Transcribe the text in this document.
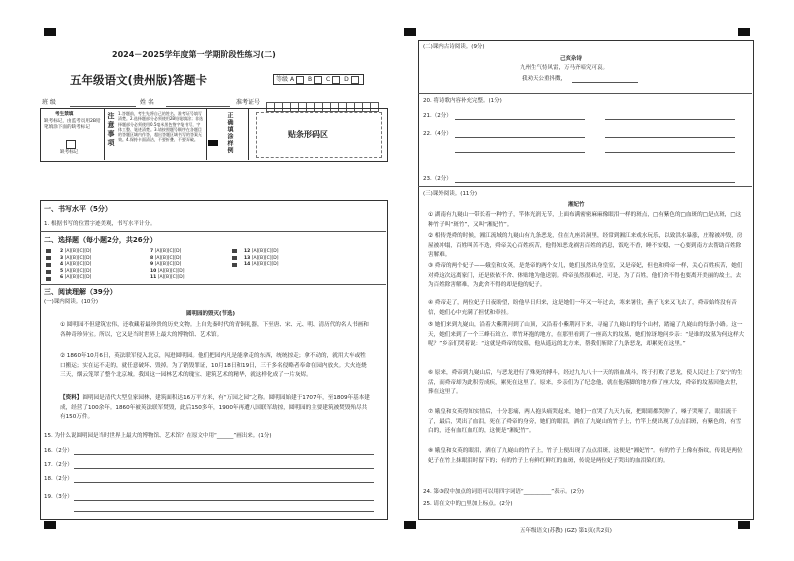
2024－2025学年度第一学期阶段性练习(二)
五年级语文(贵州版)答题卡	等级 A B C D
班 级	姓 名	准考证号
考生禁填
缺考标记，由监考员用2B铅笔填涂下面的缺考标记
缺考标记
注意事项 1.答题前，考生先将自己的姓名、准考证号填写清楚。2.选择题部分必须使用2B铅笔填涂；非选择题部分必须使用0.5毫米黑色签字笔书写，字体工整、笔迹清楚。3.请按照题号顺序在各题目的答题区域内作答，超出答题区域书写的答案无效。4.保持卡面清洁，不要折叠、不要弄破。	正确填涂样例	贴条形码区
一、书写水平（5分）
1. 根据书写的位置字迹美观，书写水平计分。
二、选择题（每小题2分，共26分）
2 [A][B][C][D]
3 [A][B][C][D]
4 [A][B][C][D]
5 [A][B][C][D]
6 [A][B][C][D]
7 [A][B][C][D]
8 [A][B][C][D]
9 [A][B][C][D]
10 [A][B][C][D]
11 [A][B][C][D]
12 [A][B][C][D]
13 [A][B][C][D]
14 [A][B][C][D]
三、阅读理解（39分）
(一)课内阅读。(10分)
圆明园的毁灭(节选)
① 圆明园不但建筑宏伟，还收藏着最珍贵的历史文物。上自先秦时代的青铜礼器，下至唐、宋、元、明、清历代的名人书画和各种奇珍异宝。所以，它又是当时世界上最大的博物馆、艺术馆。
② 1860年10月6日，英法联军侵入北京，闯进圆明园。他们把园内凡是能拿走的东西，统统掠走；拿不动的，就用大车或牲口搬运；实在运不走的，就任意破坏、毁掉。为了销毁罪证，10月18日和19日，三千多名侵略者奉命在园内放火。大火连烧三天，烟云笼罩了整个北京城。我国这一园林艺术的瑰宝、建筑艺术的精华，就这样化成了一片灰烬。
【资料】圆明园是清代大型皇家园林，建筑面积达16万平方米，有“万园之园”之称。圆明园始建于1707年，至1809年基本建成，经营了100余年。1860年被英法联军焚毁，此后150多年，1900年再遭八国联军劫掠，圆明园的主要建筑被焚毁殆尽共有150万件。
15. 为什么说圆明园是当时世界上最大的博物馆、艺术馆？在原文中用“______”画出来。(1分)
16.（2分）
17.（2分）
18.（2分）
19.（3分）
(二)课内古诗阅读。(9分)
己亥杂诗
九州生气恃风雷，万马齐喑究可哀。
我劝天公重抖擞，
20. 将诗歌内容补充完整。(1分)
21.（2分）
22.（4分）
23.（2分）
(三)课外阅读。(11分)
湘妃竹
① 湖南有九嶷山一带长着一种竹子，竿体光润无节，上面布满密密麻麻像眼泪一样的斑点，□有紫色的□血斑的□是点斑，□这种竹子叫“斑竹”，又叫“湘妃竹”。
② 相传尧舜的时候，湘江流域的九嶷山有九条恶龙，住在九座岩洞里，经常到湘江来戏水玩乐，以致洪水暴涨，庄稼被冲毁，房屋被冲塌，百姓叫苦不迭，舜帝关心百姓疾苦，他得知恶龙祸害百姓的消息，饭吃不香，睡不安稳，一心要到南方去帮助百姓除害解难。
③ 舜帝的两个妃子——娥皇和女英，是尧帝的两个女儿，她们虽然出身皇室，又是帝妃，但也和舜帝一样，关心百姓疾苦，她们对舜这次远离家门，还是依依不舍、体贴地为他送别。舜帝虽然很难过，可是，为了百姓，他们舍不得也要离开美丽的故土，去为百姓除害解难，为此舍不得的却是他的妃子。
④ 舜帝走了，两位妃子日夜盼望，盼他早日归来，这是她们一年又一年过去，寒来暑往，燕子飞来又飞去了，舜帝始终没有音信，她们心中充满了担忧和牵挂。
⑤ 她们来到九嶷山，沿着大紫荆河到了山顶，又沿着小紫荆河下来，寻遍了九嶷山的每个山村，踏遍了九嶷山的每条小路。这一天，她们来到了一个三峰石耸立、翠竹环抱的地方，在那里看到了一座高大的坟墓，她们惊讶地问乡亲：“是谁的坟墓为何这样大呢？”乡亲们哭着说：“这就是舜帝的坟墓，他从遥远的北方来，帮我们斩除了九条恶龙，却累死在这里。”
⑥ 原来，舜帝到九嶷山后，与恶龙进行了殊死的搏斗，经过九九八十一天的浴血战斗，终于打败了恶龙，使人民过上了安宁的生活，而舜帝却为此积劳成疾，累死在这里了。原来，乡亲们为了纪念他，就在他落脚的地方修了座大坟，舜帝的坟墓因他去世，葬在这里了。
⑦ 娥皇和女英得知实情后，十分悲痛，两人抱头痛哭起来，她们一直哭了九天九夜，把眼睛都哭肿了，嗓子哭哑了，眼泪流干了，最后，哭出了血泪，死在了舜帝的身旁，她们的眼泪，洒在了九嶷山的竹子上，竹竿上便出现了点点泪斑，有紫色的，有雪白的，还有血红血红的，这便是“湘妃竹”。
⑧ 娥皇和女英的眼泪，洒在了九嶷山的竹子上，竹子上便出现了点点泪斑，这便是“湘妃竹”。有的竹子上像有指纹，传说是两位妃子在竹上抹眼泪时留下的；有的竹子上有鲜红鲜红的血斑，传说是两位妃子哭出的血泪染红的。
24. 第③段中加点的词语可以用四字词语“__________”表示。(2分)
25. 请在文中的□里加上标点。(2分)
五年级语文(苏教) (GZ) 第1页(共2页)
